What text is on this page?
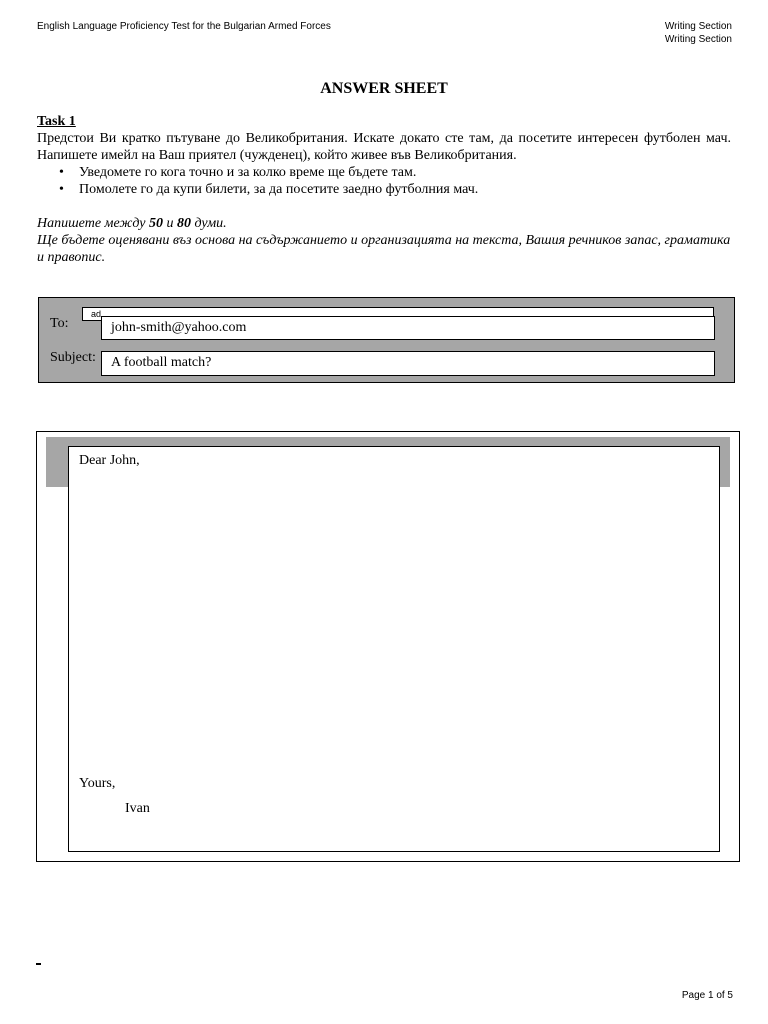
English Language Proficiency Test for the Bulgarian Armed Forces	Writing Section
Writing Section
ANSWER SHEET
Task 1

Предстои Ви кратко пътуване до Великобритания. Искате докато сте там, да посетите интересен футболен мач. Напишете имейл на Ваш приятел (чужденец), който живее във Великобритания.

• Уведомете го кога точно и за колко време ще бъдете там.
• Помолете го да купи билети, за да посетите заедно футболния мач.

Напишете между 50 и 80 думи.

Ще бъдете оценявани въз основа на съдържанието и организацията на текста, Вашия речников запас, граматика и правопис.

ad
To:	john-smith@yahoo.com
Subject:	A football match?
Dear John,
Yours,
Ivan
Page 1 of 5
